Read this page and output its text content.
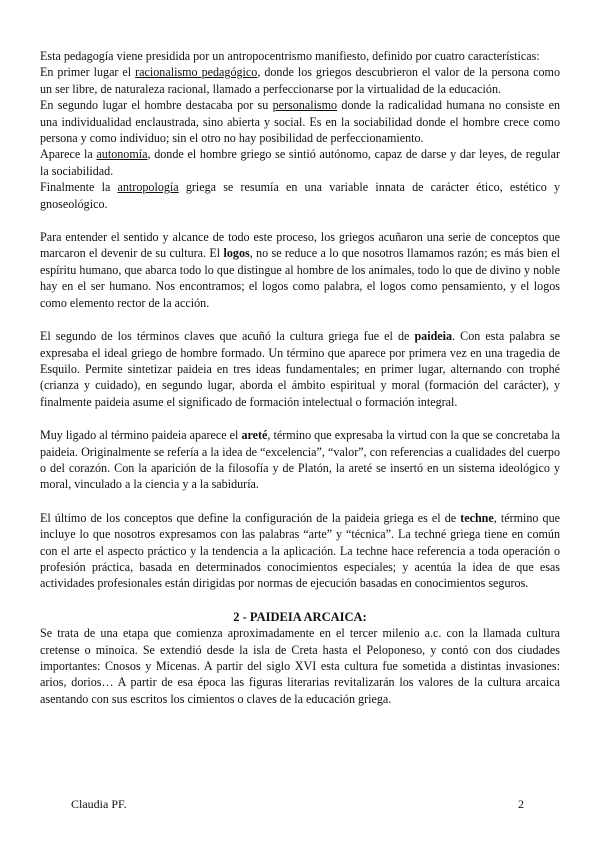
Esta pedagogía viene presidida por un antropocentrismo manifiesto, definido por cuatro características:

En primer lugar el racionalismo pedagógico, donde los griegos descubrieron el valor de la persona como un ser libre, de naturaleza racional, llamado a perfeccionarse por la virtualidad de la educación.

En segundo lugar el hombre destacaba por su personalismo donde la radicalidad humana no consiste en una individualidad enclaustrada, sino abierta y social. Es en la sociabilidad donde el hombre crece como persona y como individuo; sin el otro no hay posibilidad de perfeccionamiento.

Aparece la autonomía, donde el hombre griego se sintió autónomo, capaz de darse y dar leyes, de regular la sociabilidad.

Finalmente la antropología griega se resumía en una variable innata de carácter ético, estético y gnoseológico.

Para entender el sentido y alcance de todo este proceso, los griegos acuñaron una serie de conceptos que marcaron el devenir de su cultura. El logos, no se reduce a lo que nosotros llamamos razón; es más bien el espíritu humano, que abarca todo lo que distingue al hombre de los animales, todo lo que de divino y noble hay en el ser humano. Nos encontramos; el logos como palabra, el logos como pensamiento, y el logos como elemento rector de la acción.

El segundo de los términos claves que acuñó la cultura griega fue el de paideia. Con esta palabra se expresaba el ideal griego de hombre formado. Un término que aparece por primera vez en una tragedia de Esquilo. Permite sintetizar paideia en tres ideas fundamentales; en primer lugar, alternando con trophé (crianza y cuidado), en segundo lugar, aborda el ámbito espiritual y moral (formación del carácter), y finalmente paideia asume el significado de formación intelectual o formación integral.

Muy ligado al término paideia aparece el areté, término que expresaba la virtud con la que se concretaba la paideia. Originalmente se refería a la idea de “excelencia”, “valor”, con referencias a cualidades del cuerpo o del corazón. Con la aparición de la filosofía y de Platón, la areté se insertó en un sistema ideológico y moral, vinculado a la ciencia y a la sabiduría.

El último de los conceptos que define la configuración de la paideia griega es el de techne, término que incluye lo que nosotros expresamos con las palabras “arte” y “técnica”. La techné griega tiene en común con el arte el aspecto práctico y la tendencia a la aplicación. La techne hace referencia a toda operación o profesión práctica, basada en determinados conocimientos especiales; y acentúa la idea de que esas actividades profesionales están dirigidas por normas de ejecución basadas en conocimientos seguros.

2 - PAIDEIA ARCAICA:

Se trata de una etapa que comienza aproximadamente en el tercer milenio a.c. con la llamada cultura cretense o minoica. Se extendió desde la isla de Creta hasta el Peloponeso, y contó con dos ciudades importantes: Cnosos y Micenas. A partir del siglo XVI esta cultura fue sometida a distintas invasiones: arios, dorios… A partir de esa época las figuras literarias revitalizarán los valores de la cultura arcaica asentando con sus escritos los cimientos o claves de la educación griega.

Claudia PF.	2
